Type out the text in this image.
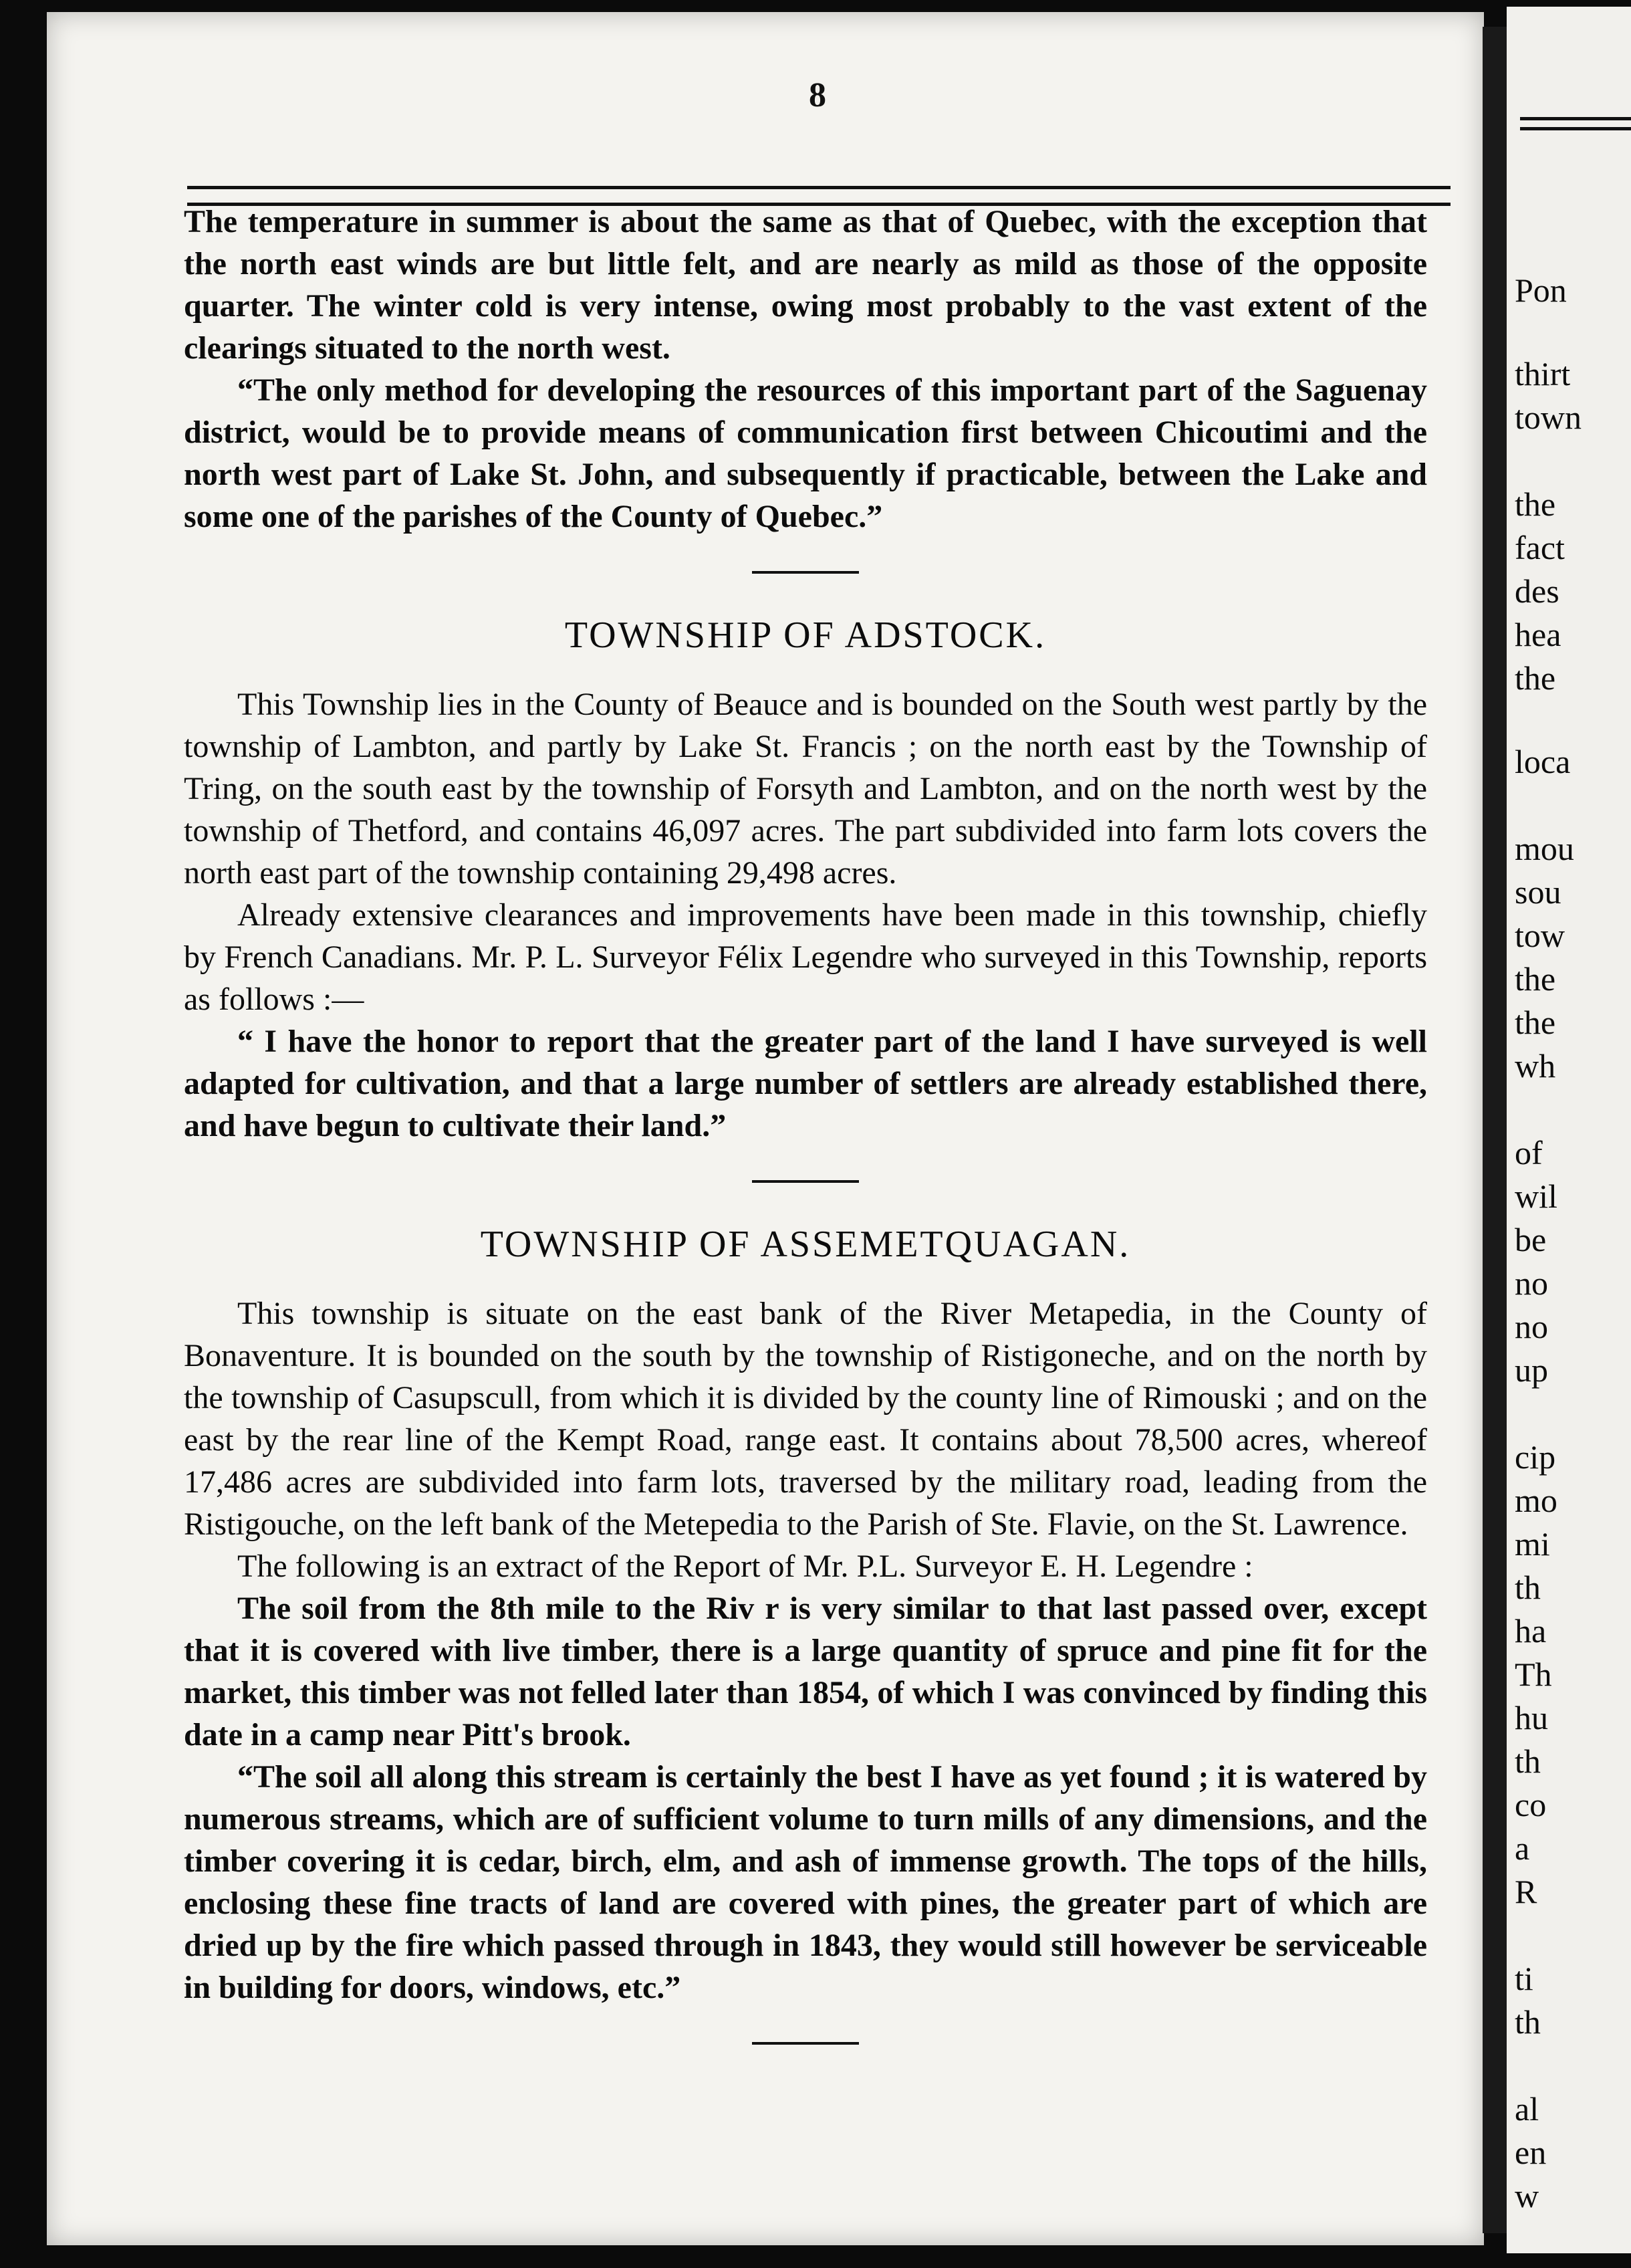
8

The temperature in summer is about the same as that of Quebec, with the exception that the north east winds are but little felt, and are nearly as mild as those of the opposite quarter. The winter cold is very intense, owing most probably to the vast extent of the clearings situated to the north west.

“The only method for developing the resources of this important part of the Saguenay district, would be to provide means of communication first between Chicoutimi and the north west part of Lake St. John, and subsequently if practicable, between the Lake and some one of the parishes of the County of Quebec.”

TOWNSHIP OF ADSTOCK.

This Township lies in the County of Beauce and is bounded on the South west partly by the township of Lambton, and partly by Lake St. Francis ; on the north east by the Township of Tring, on the south east by the township of Forsyth and Lambton, and on the north west by the township of Thetford, and contains 46,097 acres. The part subdivided into farm lots covers the north east part of the township containing 29,498 acres.

Already extensive clearances and improvements have been made in this township, chiefly by French Canadians. Mr. P. L. Surveyor Félix Legendre who surveyed in this Township, reports as follows :—

“ I have the honor to report that the greater part of the land I have surveyed is well adapted for cultivation, and that a large number of settlers are already established there, and have begun to cultivate their land.”

TOWNSHIP OF ASSEMETQUAGAN.

This township is situate on the east bank of the River Metapedia, in the County of Bonaventure. It is bounded on the south by the township of Ristigoneche, and on the north by the township of Casupscull, from which it is divided by the county line of Rimouski ; and on the east by the rear line of the Kempt Road, range east. It contains about 78,500 acres, whereof 17,486 acres are subdivided into farm lots, traversed by the military road, leading from the Ristigouche, on the left bank of the Metepedia to the Parish of Ste. Flavie, on the St. Lawrence.

The following is an extract of the Report of Mr. P.L. Surveyor E. H. Legendre :

The soil from the 8th mile to the Riv r is very similar to that last passed over, except that it is covered with live timber, there is a large quantity of spruce and pine fit for the market, this timber was not felled later than 1854, of which I was convinced by finding this date in a camp near Pitt's brook.

“The soil all along this stream is certainly the best I have as yet found ; it is watered by numerous streams, which are of sufficient volume to turn mills of any dimensions, and the timber covering it is cedar, birch, elm, and ash of immense growth. The tops of the hills, enclosing these fine tracts of land are covered with pines, the greater part of which are dried up by the fire which passed through in 1843, they would still however be serviceable in building for doors, windows, etc.”

Pon
thirt
town
the
fact
des
hea
the
loca
mou
sou
tow
the
the
wh
of
wil
be
no
no
up
cip
mo
mi
th
ha
Th
hu
th
co
a
R
ti
th
al
en
w
